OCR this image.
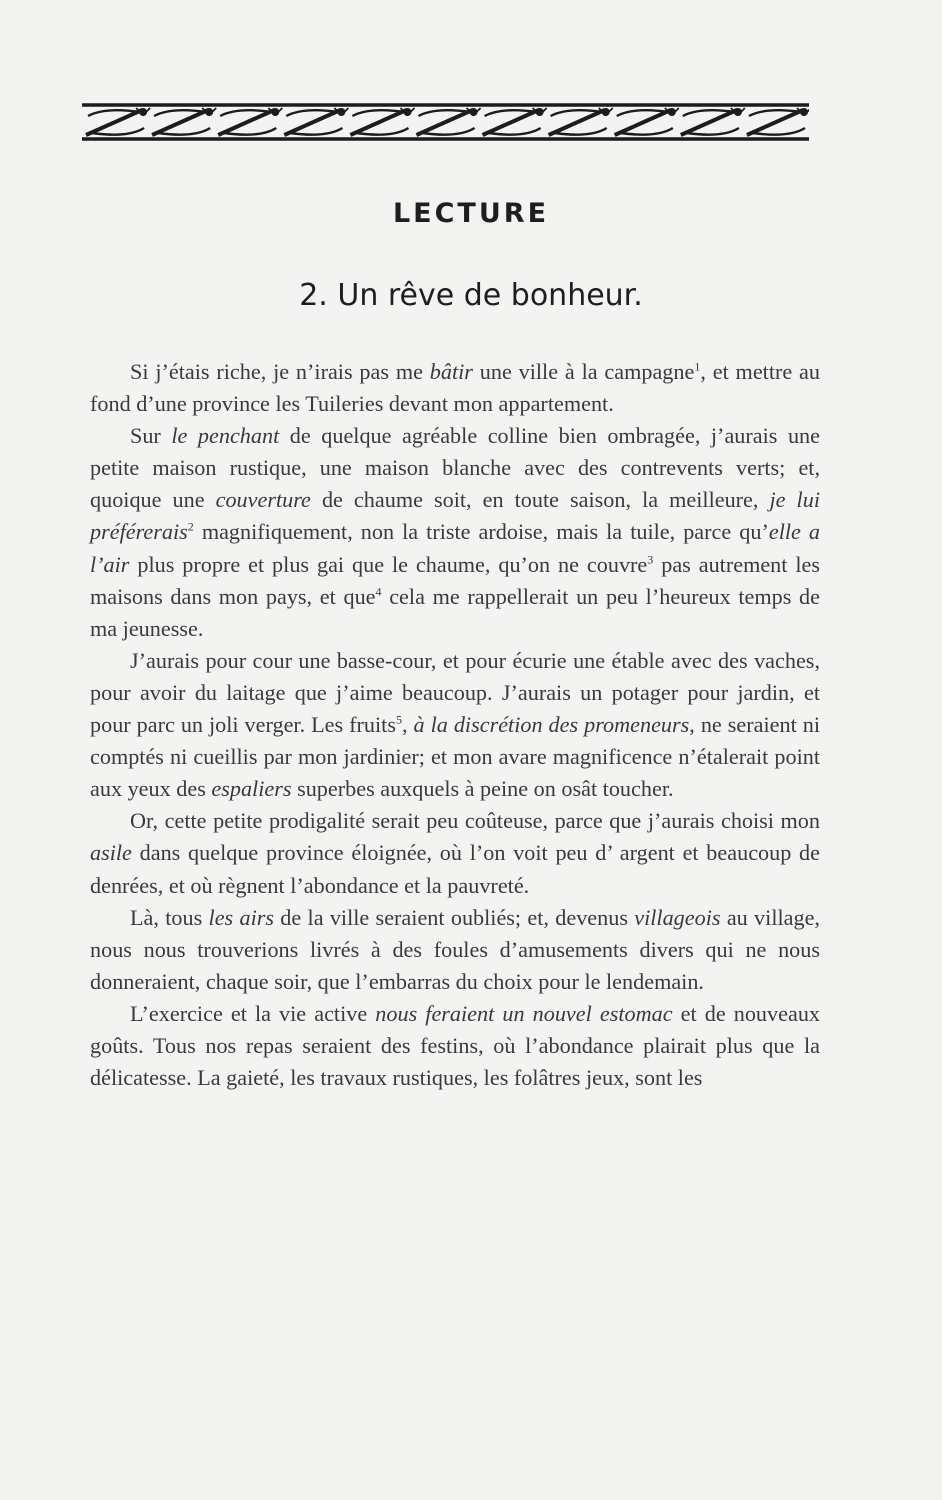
LECTURE
2. Un rêve de bonheur.

Si j’étais riche, je n’irais pas me bâtir une ville à la campagne$^1$, et mettre au fond d’une province les Tuileries devant mon appartement.

Sur le penchant de quelque agréable colline bien ombragée, j’aurais une petite maison rustique, une maison blanche avec des contrevents verts; et, quoique une couverture de chaume soit, en toute saison, la meilleure, je lui préférerais$^2$ magnifiquement, non la triste ardoise, mais la tuile, parce qu’elle a l’air plus propre et plus gai que le chaume, qu’on ne couvre$^3$ pas autrement les maisons dans mon pays, et que$^4$ cela me rappellerait un peu l’heureux temps de ma jeunesse.

J’aurais pour cour une basse-cour, et pour écurie une étable avec des vaches, pour avoir du laitage que j’aime beaucoup. J’aurais un potager pour jardin, et pour parc un joli verger. Les fruits$^5$, à la discrétion des promeneurs, ne seraient ni comptés ni cueillis par mon jardinier; et mon avare magnificence n’étalerait point aux yeux des espaliers superbes auxquels à peine on osât toucher.

Or, cette petite prodigalité serait peu coûteuse, parce que j’aurais choisi mon asile dans quelque province éloignée, où l’on voit peu d’ argent et beaucoup de denrées, et où règnent l’abondance et la pauvreté.

Là, tous les airs de la ville seraient oubliés; et, devenus villageois au village, nous nous trouverions livrés à des foules d’amusements divers qui ne nous donneraient, chaque soir, que l’embarras du choix pour le lendemain.

L’exercice et la vie active nous feraient un nouvel estomac et de nouveaux goûts. Tous nos repas seraient des festins, où l’abondance plairait plus que la délicatesse. La gaieté, les travaux rustiques, les folâtres jeux, sont les
